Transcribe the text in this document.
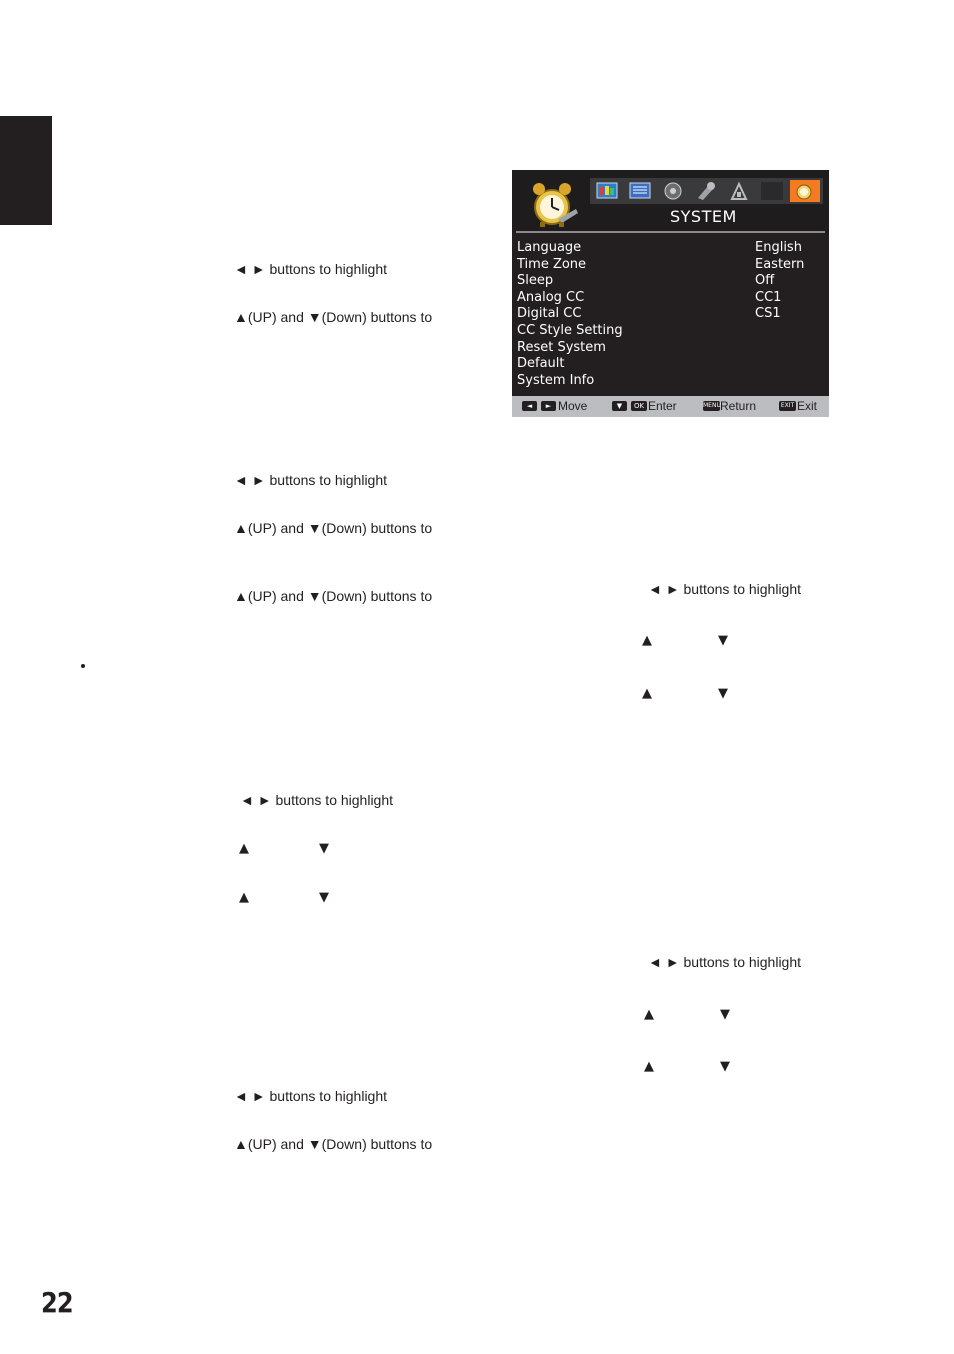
◄ ► buttons to highlight
▲(UP) and ▼(Down) buttons to
◄ ► buttons to highlight
▲(UP) and ▼(Down) buttons to
▲(UP) and ▼(Down) buttons to
◄ ► buttons to highlight
▲	▼
▲	▼
◄ ► buttons to highlight
▲(UP) and ▼(Down) buttons to
◄ ► buttons to highlight
▲	▼
▲	▼
◄ ► buttons to highlight
▲	▼
▲	▼
SYSTEM
Language	English
Time Zone	Eastern
Sleep	Off
Analog CC	CC1
Digital CC	CS1
CC Style Setting
Reset System
Default
System Info
◄	► Move	▼	OK Enter	MENU Return	EXIT Exit
22
